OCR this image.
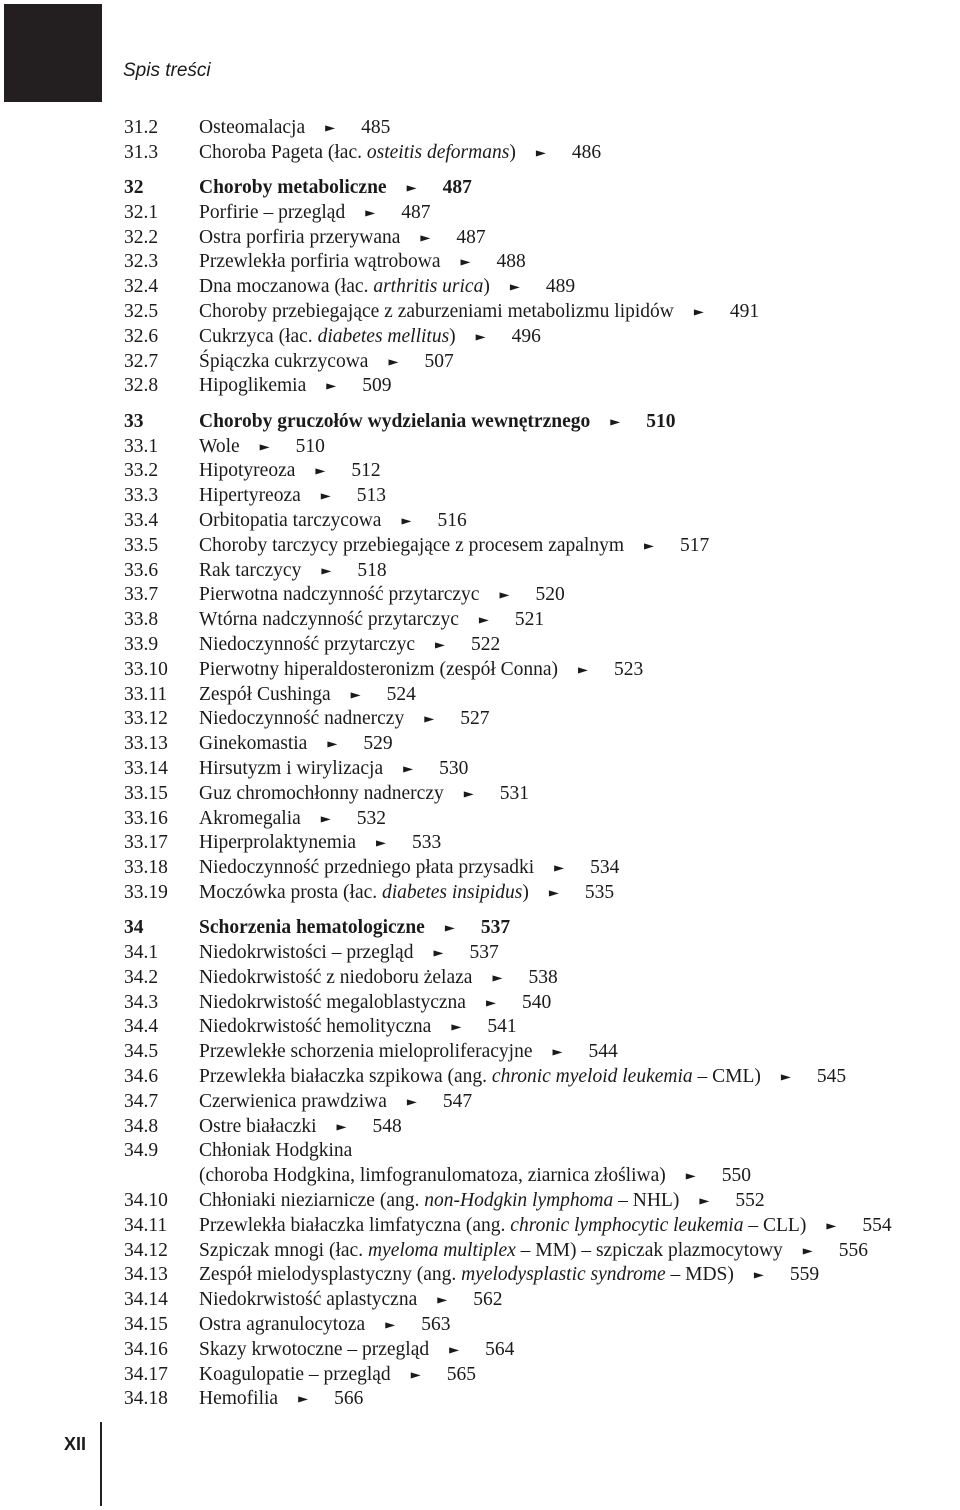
Spis treści
31.2	Osteomalacja ▶	485
31.3	Choroba Pageta (łac. osteitis deformans) ▶	486
32	Choroby metaboliczne ▶	487
32.1	Porfirie – przegląd ▶	487
32.2	Ostra porfiria przerywana ▶	487
32.3	Przewlekła porfiria wątrobowa ▶	488
32.4	Dna moczanowa (łac. arthritis urica) ▶	489
32.5	Choroby przebiegające z zaburzeniami metabolizmu lipidów ▶	491
32.6	Cukrzyca (łac. diabetes mellitus) ▶	496
32.7	Śpiączka cukrzycowa ▶	507
32.8	Hipoglikemia ▶	509
33	Choroby gruczołów wydzielania wewnętrznego ▶	510
33.1	Wole ▶	510
33.2	Hipotyreoza ▶	512
33.3	Hipertyreoza ▶	513
33.4	Orbitopatia tarczycowa ▶	516
33.5	Choroby tarczycy przebiegające z procesem zapalnym ▶	517
33.6	Rak tarczycy ▶	518
33.7	Pierwotna nadczynność przytarczyc ▶	520
33.8	Wtórna nadczynność przytarczyc ▶	521
33.9	Niedoczynność przytarczyc ▶	522
33.10	Pierwotny hiperaldosteronizm (zespół Conna) ▶	523
33.11	Zespół Cushinga ▶	524
33.12	Niedoczynność nadnerczy ▶	527
33.13	Ginekomastia ▶	529
33.14	Hirsutyzm i wirylizacja ▶	530
33.15	Guz chromochłonny nadnerczy ▶	531
33.16	Akromegalia ▶	532
33.17	Hiperprolaktynemia ▶	533
33.18	Niedoczynność przedniego płata przysadki ▶	534
33.19	Moczówka prosta (łac. diabetes insipidus) ▶	535
34	Schorzenia hematologiczne ▶	537
34.1	Niedokrwistości – przegląd ▶	537
34.2	Niedokrwistość z niedoboru żelaza ▶	538
34.3	Niedokrwistość megaloblastyczna ▶	540
34.4	Niedokrwistość hemolityczna ▶	541
34.5	Przewlekłe schorzenia mieloproliferacyjne ▶	544
34.6	Przewlekła białaczka szpikowa (ang. chronic myeloid leukemia – CML) ▶	545
34.7	Czerwienica prawdziwa ▶	547
34.8	Ostre białaczki ▶	548
34.9	Chłoniak Hodgkina
(choroba Hodgkina, limfogranulomatoza, ziarnica złośliwa) ▶	550
34.10	Chłoniaki nieziarnicze (ang. non-Hodgkin lymphoma – NHL) ▶	552
34.11	Przewlekła białaczka limfatyczna (ang. chronic lymphocytic leukemia – CLL) ▶	554
34.12	Szpiczak mnogi (łac. myeloma multiplex – MM) – szpiczak plazmocytowy ▶	556
34.13	Zespół mielodysplastyczny (ang. myelodysplastic syndrome – MDS) ▶	559
34.14	Niedokrwistość aplastyczna ▶	562
34.15	Ostra agranulocytoza ▶	563
34.16	Skazy krwotoczne – przegląd ▶	564
34.17	Koagulopatie – przegląd ▶	565
34.18	Hemofilia ▶	566
XII
